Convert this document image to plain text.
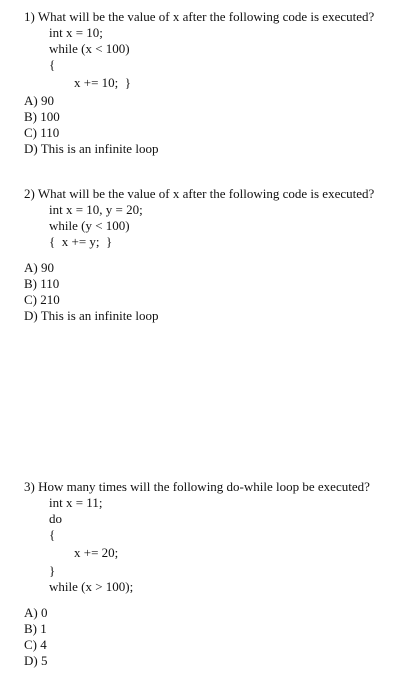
1) What will be the value of x after the following code is executed?

int x = 10;
while (x < 100)
{
x += 10;  }

A) 90

B) 100

C) 110

D) This is an infinite loop

2) What will be the value of x after the following code is executed?

int x = 10, y = 20;
while (y < 100)
{  x += y;  }

A) 90

B) 110

C) 210

D) This is an infinite loop

3) How many times will the following do-while loop be executed?

int x = 11;
do
{
x += 20;
}
while (x > 100);

A) 0

B) 1

C) 4

D) 5
